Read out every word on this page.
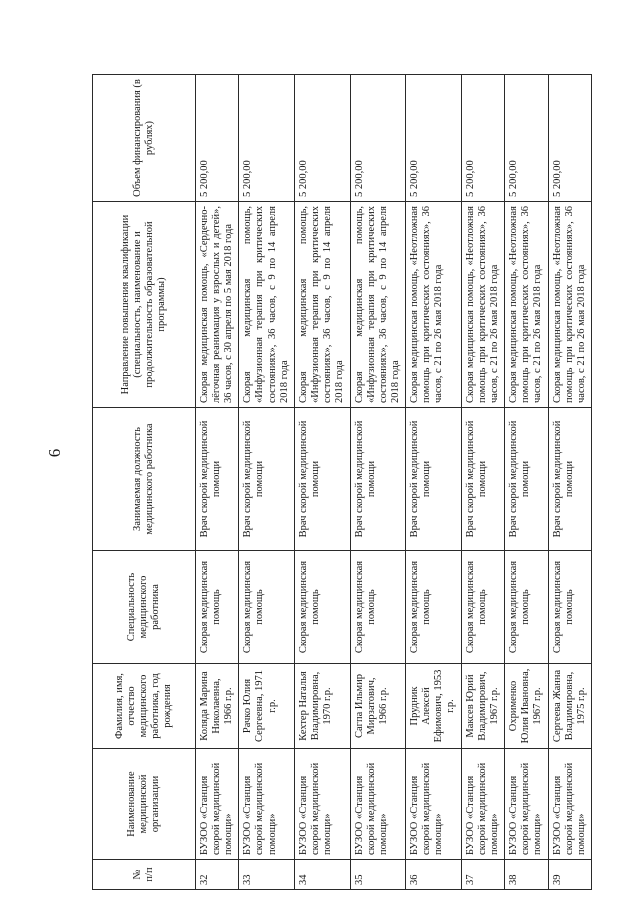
6
№ п/п	Наименование медицинской организации	Фамилия, имя, отчество медицинского работника, год рождения	Специальность медицинского работника	Занимаемая должность медицинского работника	Направление повышения квалификации (специальность, наименование и продолжительность образовательной программы)	Объем финансирования (в рублях)
32	БУЗОО «Станция скорой медицинской помощи»	Коляда Марина Николаевна, 1966 г.р.	Скорая медицинская помощь	Врач скорой медицинской помощи	Скорая медицинская помощь, «Сердечно-лёгочная реанимация у взрослых и детей», 36 часов, с 30 апреля по 5 мая 2018 года	5 200,00
33	БУЗОО «Станция скорой медицинской помощи»	Рачко Юлия Сергеевна, 1971 г.р.	Скорая медицинская помощь	Врач скорой медицинской помощи	Скорая медицинская помощь, «Инфузионная терапия при критических состояниях», 36 часов, с 9 по 14 апреля 2018 года	5 200,00
34	БУЗОО «Станция скорой медицинской помощи»	Кехтер Наталья Владимировна, 1970 г.р.	Скорая медицинская помощь	Врач скорой медицинской помощи	Скорая медицинская помощь, «Инфузионная терапия при критических состояниях», 36 часов, с 9 по 14 апреля 2018 года	5 200,00
35	БУЗОО «Станция скорой медицинской помощи»	Сагпа Ильмир Мирзатович, 1966 г.р.	Скорая медицинская помощь	Врач скорой медицинской помощи	Скорая медицинская помощь, «Инфузионная терапия при критических состояниях», 36 часов, с 9 по 14 апреля 2018 года	5 200,00
36	БУЗОО «Станция скорой медицинской помощи»	Прудник Алексей Ефимович, 1953 г.р.	Скорая медицинская помощь	Врач скорой медицинской помощи	Скорая медицинская помощь, «Неотложная помощь при критических состояниях», 36 часов, с 21 по 26 мая 2018 года	5 200,00
37	БУЗОО «Станция скорой медицинской помощи»	Максев Юрий Владимирович, 1967 г.р.	Скорая медицинская помощь	Врач скорой медицинской помощи	Скорая медицинская помощь, «Неотложная помощь при критических состояниях», 36 часов, с 21 по 26 мая 2018 года	5 200,00
38	БУЗОО «Станция скорой медицинской помощи»	Охрименко Юлия Ивановна, 1967 г.р.	Скорая медицинская помощь	Врач скорой медицинской помощи	Скорая медицинская помощь, «Неотложная помощь при критических состояниях», 36 часов, с 21 по 26 мая 2018 года	5 200,00
39	БУЗОО «Станция скорой медицинской помощи»	Сергеева Жанна Владимировна, 1975 г.р.	Скорая медицинская помощь	Врач скорой медицинской помощи	Скорая медицинская помощь, «Неотложная помощь при критических состояниях», 36 часов, с 21 по 26 мая 2018 года	5 200,00
